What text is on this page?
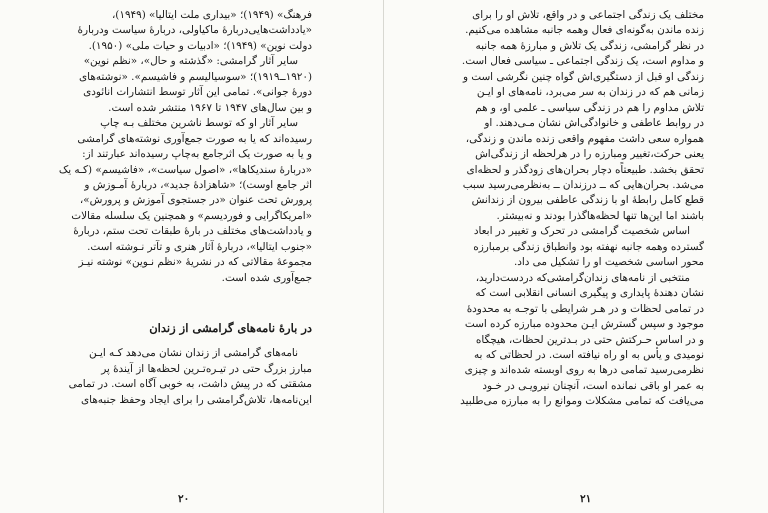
فرهنگ» (۱۹۴۹)؛ «بیداری ملت ایتالیا» (۱۹۴۹)،
«یادداشت‌هایی‌دربارهٔ ماکیاولی، دربارهٔ سیاست ودربارهٔ
دولت نوین» (۱۹۴۹)؛ «ادبیات و حیات ملی» (۱۹۵۰).

سایر آثار گرامشی: «گذشته و حال»، «نظم نوین»
(۱۹۲۰ــ۱۹۱۹)؛ «سوسیالیسم و فاشیسم». «نوشته‌های
دورهٔ جوانی». تمامی این آثار توسط انتشارات انائودی
و بین سال‌های ۱۹۴۷ تا ۱۹۶۷ منتشر شده است.

سایر آثار او که توسط ناشرین مختلف بـه چاپ
رسیده‌اند که یا به صورت جمع‌آوری نوشته‌های گرامشی
و یا به صورت یک اثرجامع به‌چاپ رسیده‌اند عبارتند از:
«دربارهٔ سندیکاها»، «اصول سیاست»، «فاشیسم» (کـه یک
اثر جامع اوست)؛ «شاهزادهٔ جدید»، دربارهٔ آمـوزش و
پرورش تحت عنوان «در جستجوی آموزش و پرورش»،
«امریکاگرایی و فوردیسم» و همچنین یک سلسله مقالات
و یادداشت‌های مختلف در بارهٔ طبقات تحت ستم، دربارهٔ
«جنوب ایتالیا»، دربارهٔ آثار هنری و تآتر نـوشته است.
مجموعهٔ مقالاتی که در نشریهٔ «نظم نـوین» نوشته نیـز
جمع‌آوری شده است.

در بارهٔ نامه‌های گرامشی از زندان

نامه‌های گرامشی از زندان نشان می‌دهد کـه ایـن
مبارز بزرگ حتی در تیـره‌تـرین لحظه‌ها از آینده‌ٔ پر
مشقتی که در پیش داشت، به خوبی آگاه است. در تمامی
این‌نامه‌ها، تلاش‌گرامشی را برای ایجاد وحفظ جنبه‌های

۲۰

مختلف یک زندگی اجتماعی و در واقع، تلاش او را برای
زنده ماندن به‌گونه‌ای فعال وهمه جانبه مشاهده می‌کنیم.
در نظر گرامشی، زندگی یک تلاش و مبارزهٔ همه جانبه
و مداوم است، یک زندگی اجتماعی ـ سیاسی فعال است.
زندگی او قبل از دستگیری‌اش گواه چنین نگرشی است و
زمانی هم که در زندان به سر می‌برد، نامه‌های او ایـن
تلاش مداوم را هم در زندگی سیاسی ـ علمی او، و هم
در روابط عاطفی و خانوادگی‌اش نشان مـی‌دهند. او
همواره سعی داشت مفهوم واقعی زنده ماندن و زندگی،
یعنی حرکت،تغییر ومبارزه را در هرلحظه از زندگی‌اش
تحقق بخشد. طبیعتاً‌ه دچار بحران‌های زودگذر و لحظه‌ای
می‌شد. بحران‌هایی که ــ درزندان ــ به‌نظرمی‌رسید سبب
قطع کامل رابطهٔ او با زندگی عاطفی بیرون از زندانش
باشند اما این‌ها تنها لحظه‌هاگذرا بودند و نه‌بیشتر.

اساس شخصیت گرامشی در تحرک و تغییر در ابعاد
گسترده وهمه جانبه نهفته بود وانطباق زندگی برمبارزه
محور اساسی شخصیت او را تشکیل می داد.

منتخبی از نامه‌های زندان‌گرامشی‌که دردست‌دارید،
نشان دهندهٔ پایداری و پیگیری انسانی انقلابی است که
در تمامی لحظات و در هـر شرایطی با توجـه به محدودهٔ
موجود و سپس گسترش ایـن محدوده مبارزه کرده است
و در اساس حـرکتش حتی در بـدترین لحظات، هیچگاه
نومیدی و یأس به او راه نیافته است. در لحظاتی که به
نظرمی‌رسید تمامی درها به روی اوبسته شده‌اند و چیزی
به عمر او باقی نمانده است، آنچنان نیرویـی در خـود
می‌یافت که تمامی مشکلات وموانع را به مبارزه می‌طلبید

۲۱
